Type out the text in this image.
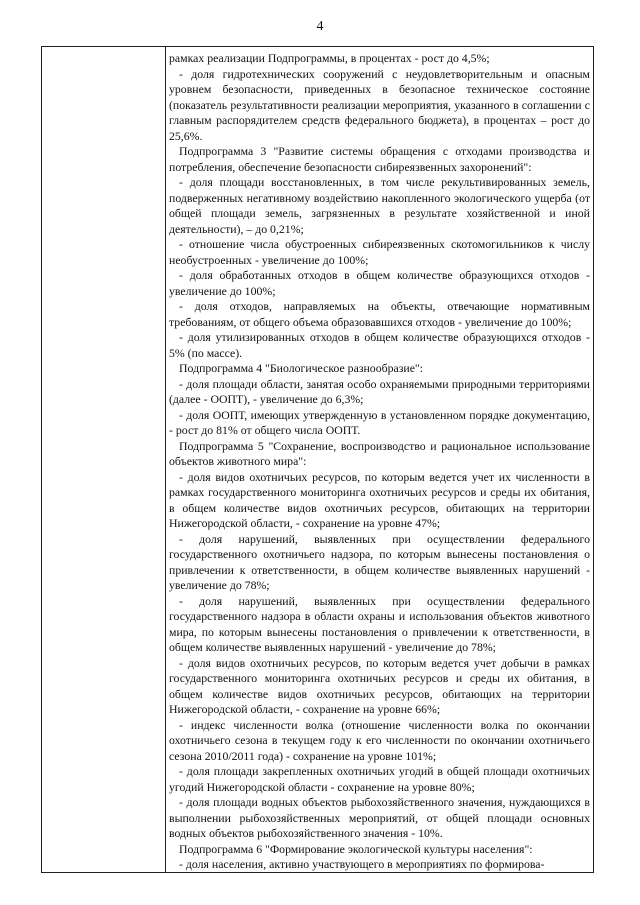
4

рамках реализации Подпрограммы, в процентах - рост до 4,5%;

- доля гидротехнических сооружений с неудовлетворительным и опасным уровнем безопасности, приведенных в безопасное техническое состояние (показатель результативности реализации мероприятия, указанного в соглашении с главным распорядителем средств федерального бюджета), в процентах – рост до 25,6%.

Подпрограмма 3 "Развитие системы обращения с отходами производства и потребления, обеспечение безопасности сибиреязвенных захоронений":

- доля площади восстановленных, в том числе рекультивированных земель, подверженных негативному воздействию накопленного экологического ущерба (от общей площади земель, загрязненных в результате хозяйственной и иной деятельности), – до 0,21%;

- отношение числа обустроенных сибиреязвенных скотомогильников к числу необустроенных - увеличение до 100%;

- доля обработанных отходов в общем количестве образующихся отходов - увеличение до 100%;

- доля отходов, направляемых на объекты, отвечающие нормативным требованиям, от общего объема образовавшихся отходов - увеличение до 100%;

- доля утилизированных отходов в общем количестве образующихся отходов - 5% (по массе).

Подпрограмма 4 "Биологическое разнообразие":

- доля площади области, занятая особо охраняемыми природными территориями (далее - ООПТ), - увеличение до 6,3%;

- доля ООПТ, имеющих утвержденную в установленном порядке документацию, - рост до 81% от общего числа ООПТ.

Подпрограмма 5 "Сохранение, воспроизводство и рациональное использование объектов животного мира":

- доля видов охотничьих ресурсов, по которым ведется учет их численности в рамках государственного мониторинга охотничьих ресурсов и среды их обитания, в общем количестве видов охотничьих ресурсов, обитающих на территории Нижегородской области, - сохранение на уровне 47%;

- доля нарушений, выявленных при осуществлении федерального государственного охотничьего надзора, по которым вынесены постановления о привлечении к ответственности, в общем количестве выявленных нарушений - увеличение до 78%;

- доля нарушений, выявленных при осуществлении федерального государственного надзора в области охраны и использования объектов животного мира, по которым вынесены постановления о привлечении к ответственности, в общем количестве выявленных нарушений - увеличение до 78%;

- доля видов охотничьих ресурсов, по которым ведется учет добычи в рамках государственного мониторинга охотничьих ресурсов и среды их обитания, в общем количестве видов охотничьих ресурсов, обитающих на территории Нижегородской области, - сохранение на уровне 66%;

- индекс численности волка (отношение численности волка по окончании охотничьего сезона в текущем году к его численности по окончании охотничьего сезона 2010/2011 года) - сохранение на уровне 101%;

- доля площади закрепленных охотничьих угодий в общей площади охотничьих угодий Нижегородской области - сохранение на уровне 80%;

- доля площади водных объектов рыбохозяйственного значения, нуждающихся в выполнении рыбохозяйственных мероприятий, от общей площади основных водных объектов рыбохозяйственного значения - 10%.

Подпрограмма 6 "Формирование экологической культуры населения":

- доля населения, активно участвующего в мероприятиях по формирова-
